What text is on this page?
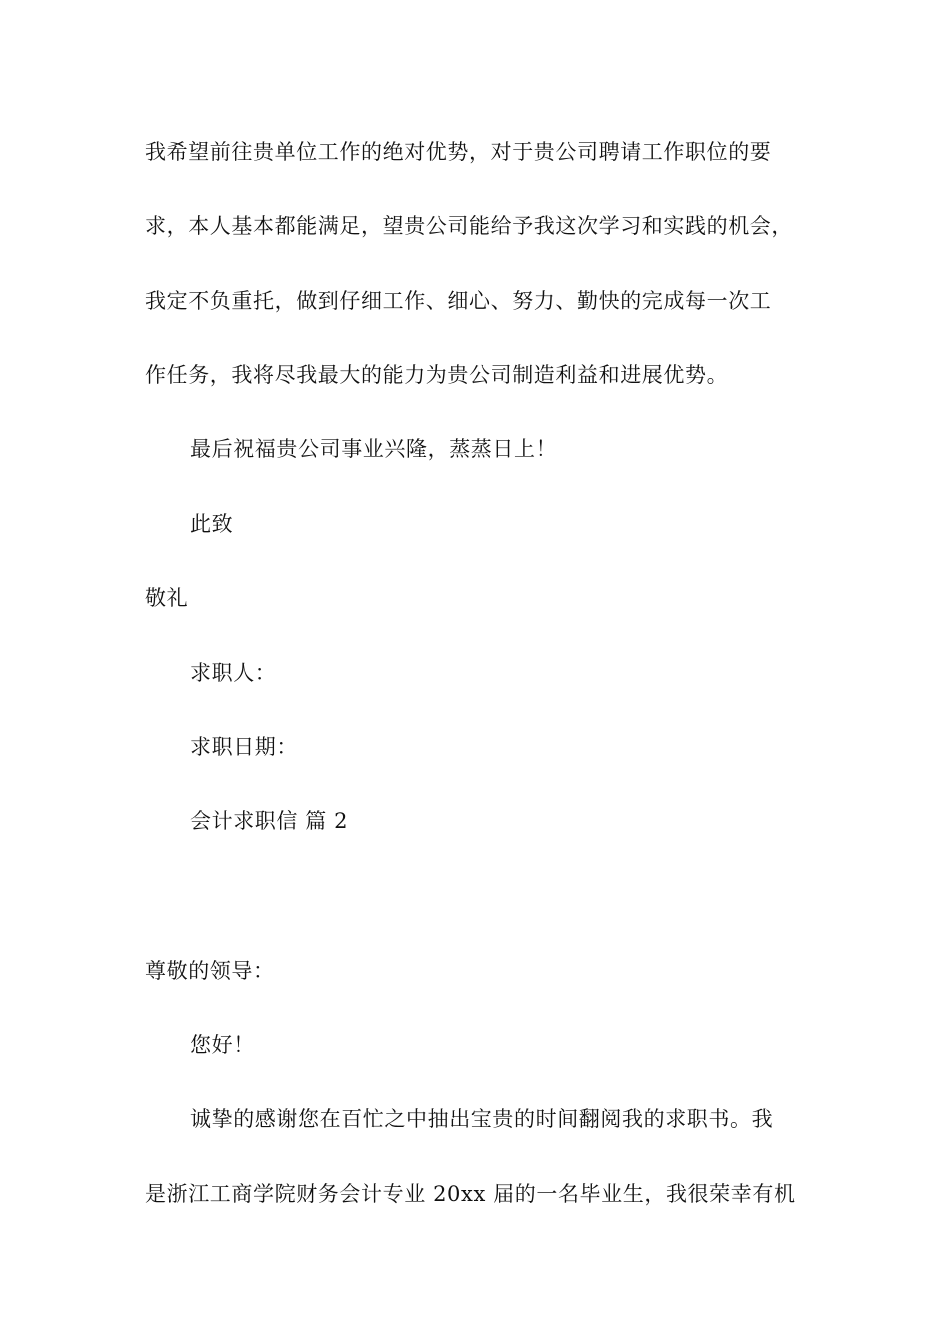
我希望前往贵单位工作的绝对优势，对于贵公司聘请工作职位的要
求，本人基本都能满足，望贵公司能给予我这次学习和实践的机会，
我定不负重托，做到仔细工作、细心、努力、勤快的完成每一次工
作任务，我将尽我最大的能力为贵公司制造利益和进展优势。
最后祝福贵公司事业兴隆，蒸蒸日上！
此致
敬礼
求职人：
求职日期：
会计求职信 篇 2
尊敬的领导：
您好！
诚挚的感谢您在百忙之中抽出宝贵的时间翻阅我的求职书。我
是浙江工商学院财务会计专业 20xx 届的一名毕业生，我很荣幸有机
